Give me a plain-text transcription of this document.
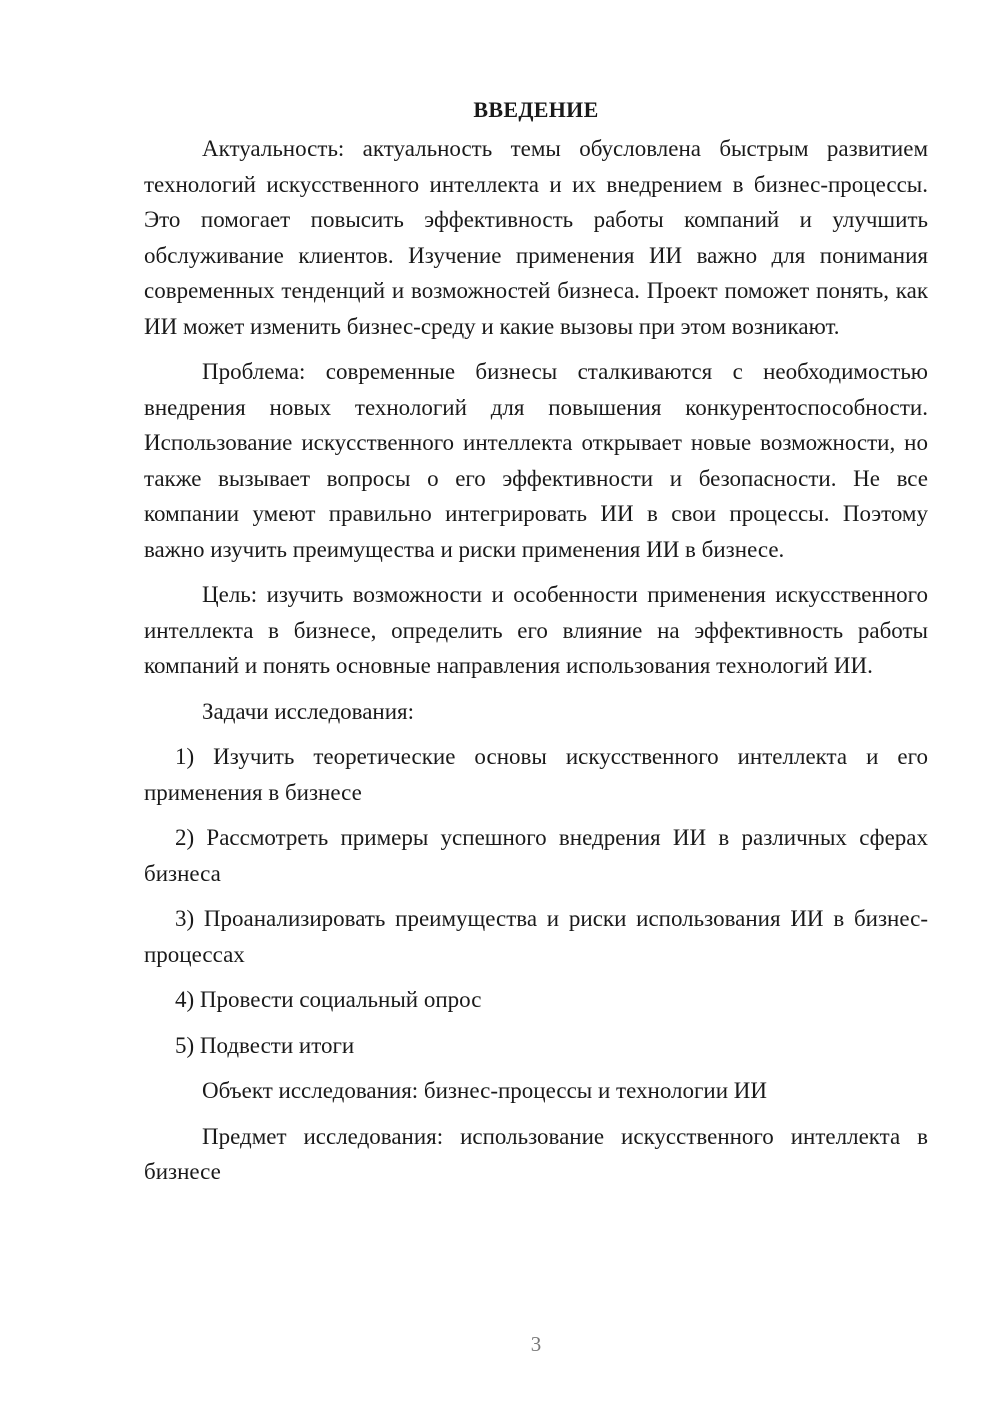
ВВЕДЕНИЕ

Актуальность: актуальность темы обусловлена быстрым развитием технологий искусственного интеллекта и их внедрением в бизнес-процессы. Это помогает повысить эффективность работы компаний и улучшить обслуживание клиентов. Изучение применения ИИ важно для понимания современных тенденций и возможностей бизнеса. Проект поможет понять, как ИИ может изменить бизнес-среду и какие вызовы при этом возникают.

Проблема: современные бизнесы сталкиваются с необходимостью внедрения новых технологий для повышения конкурентоспособности. Использование искусственного интеллекта открывает новые возможности, но также вызывает вопросы о его эффективности и безопасности. Не все компании умеют правильно интегрировать ИИ в свои процессы. Поэтому важно изучить преимущества и риски применения ИИ в бизнесе.

Цель: изучить возможности и особенности применения искусственного интеллекта в бизнесе, определить его влияние на эффективность работы компаний и понять основные направления использования технологий ИИ.

Задачи исследования:

1) Изучить теоретические основы искусственного интеллекта и его применения в бизнесе

2) Рассмотреть примеры успешного внедрения ИИ в различных сферах бизнеса

3) Проанализировать преимущества и риски использования ИИ в бизнес-процессах

4) Провести социальный опрос

5) Подвести итоги

Объект исследования: бизнес-процессы и технологии ИИ

Предмет исследования: использование искусственного интеллекта в бизнесе

3
